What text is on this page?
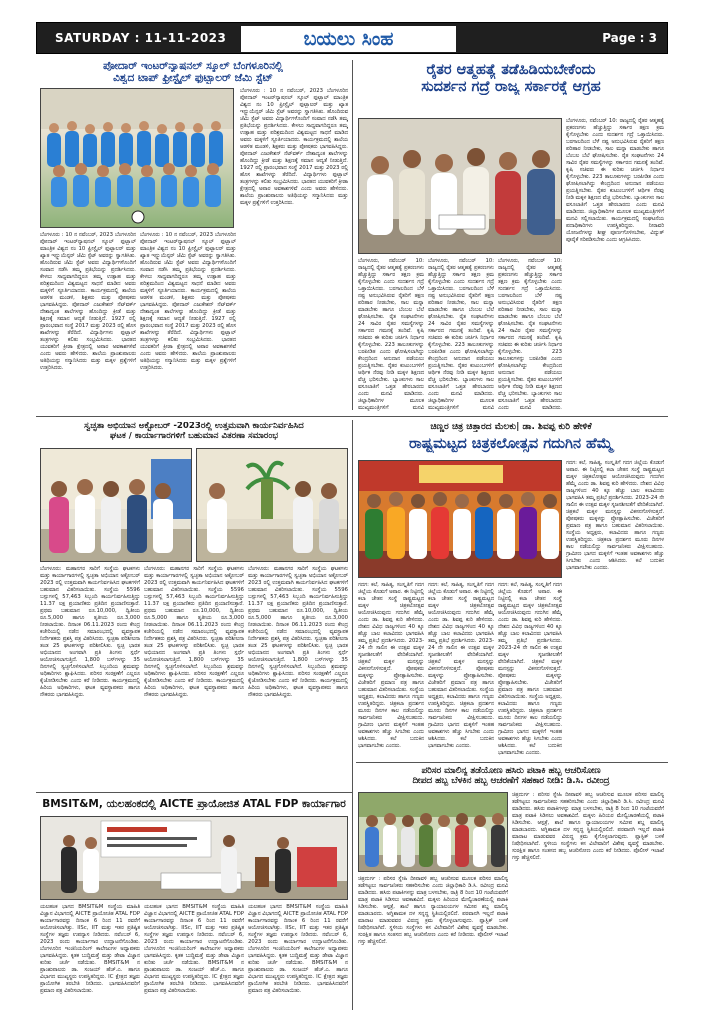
SATURDAY : 11-11-2023	ಬಯಲು ಸಿಂಹ	Page : 3
ಪೋದಾರ್ ಇಂಟರ್‌ನ್ಯಾಷನಲ್ ಸ್ಕೂಲ್ ಬೆಂಗಳೂರಿನಲ್ಲಿ
ವಿಶ್ವದ ಟಾಪ್ ಫ್ರೀಸ್ಟೈಲ್ ಫುಟ್ಬಾಲರ್ ಜೆಮಿ ಸ್ಟೆಟ್

ಬೆಂಗಳೂರು : 10 ನ ನವೆಂಬರ್, 2023 ಬೆಂಗಳೂರಿನ ಪೋದಾರ್ ಇಂಟರ್‌ನ್ಯಾಷನಲ್ ಸ್ಕೂಲ್ ಫುಟ್ಬಾಲ್ ಮಾಂತ್ರಿಕ ವಿಶ್ವದ ನಂ 10 ಫ್ರೀಸ್ಟೈಲ್ ಫುಟ್ಬಾಲರ್ ಮತ್ತು ಖ್ಯಾತ ಇನ್ಫ್ಲುಯೆನ್ಸರ್ ಜೆಮಿ ಸ್ಟೆಟ್ ಅವರನ್ನು ಸ್ವಾಗತಿಸಿತು. ಹೊಂದಿರುವ ಜೆಮಿ ಸ್ಟೆಟ್ ಅವರು ವಿದ್ಯಾರ್ಥಿಗಳೊಂದಿಗೆ ಸಂವಾದ ನಡೆಸಿ ತಮ್ಮ ಪ್ರತಿಭೆಯನ್ನು ಪ್ರದರ್ಶಿಸಿದರು. ಕೇಳಲು ಸಾಧ್ಯವಾಗದಿದ್ದರೂ ತಮ್ಮ ಉತ್ಸಾಹ ಮತ್ತು ಪರಿಶ್ರಮದಿಂದ ವಿಶ್ವಮಟ್ಟದ ಸಾಧನೆ ಮಾಡಿದ ಅವರು ಮಕ್ಕಳಿಗೆ ಸ್ಫೂರ್ತಿಯಾದರು. ಕಾರ್ಯಕ್ರಮದಲ್ಲಿ ಶಾಲೆಯ ಆಡಳಿತ ಮಂಡಳಿ, ಶಿಕ್ಷಕರು ಮತ್ತು ಪೋಷಕರು ಭಾಗವಹಿಸಿದ್ದರು. ಪೋದಾರ್ ಎಜುಕೇಶನ್ ನೆಟ್‌ವರ್ಕ್ ದೇಶಾದ್ಯಂತ ಶಾಲೆಗಳನ್ನು ಹೊಂದಿದ್ದು ಕ್ರೀಡೆ ಮತ್ತು ಶಿಕ್ಷಣಕ್ಕೆ ಸಮಾನ ಆದ್ಯತೆ ನೀಡುತ್ತಿದೆ. 1927 ರಲ್ಲಿ ಪ್ರಾರಂಭವಾದ ಸಂಸ್ಥೆ 2017 ಮತ್ತು 2023 ರಲ್ಲಿ ಹೊಸ ಶಾಖೆಗಳನ್ನು ತೆರೆದಿದೆ. ವಿದ್ಯಾರ್ಥಿಗಳು ಫುಟ್ಬಾಲ್ ತಂತ್ರಗಳನ್ನು ಕಲಿತು ಸಂಭ್ರಮಿಸಿದರು. ಭಾರತದ ಯುವಕರಿಗೆ ಕ್ರೀಡಾ ಕ್ಷೇತ್ರದಲ್ಲಿ ಅಪಾರ ಅವಕಾಶಗಳಿವೆ ಎಂದು ಅವರು ಹೇಳಿದರು. ಶಾಲೆಯ ಪ್ರಾಂಶುಪಾಲರು ಅತಿಥಿಯನ್ನು ಸನ್ಮಾನಿಸಿದರು ಮತ್ತು ಮಕ್ಕಳ ಪ್ರಶ್ನೆಗಳಿಗೆ ಉತ್ತರಿಸಿದರು.

ಬೆಂಗಳೂರು : 10 ನ ನವೆಂಬರ್, 2023 ಬೆಂಗಳೂರಿನ ಪೋದಾರ್ ಇಂಟರ್‌ನ್ಯಾಷನಲ್ ಸ್ಕೂಲ್ ಫುಟ್ಬಾಲ್ ಮಾಂತ್ರಿಕ ವಿಶ್ವದ ನಂ 10 ಫ್ರೀಸ್ಟೈಲ್ ಫುಟ್ಬಾಲರ್ ಮತ್ತು ಖ್ಯಾತ ಇನ್ಫ್ಲುಯೆನ್ಸರ್ ಜೆಮಿ ಸ್ಟೆಟ್ ಅವರನ್ನು ಸ್ವಾಗತಿಸಿತು. ಹೊಂದಿರುವ ಜೆಮಿ ಸ್ಟೆಟ್ ಅವರು ವಿದ್ಯಾರ್ಥಿಗಳೊಂದಿಗೆ ಸಂವಾದ ನಡೆಸಿ ತಮ್ಮ ಪ್ರತಿಭೆಯನ್ನು ಪ್ರದರ್ಶಿಸಿದರು. ಕೇಳಲು ಸಾಧ್ಯವಾಗದಿದ್ದರೂ ತಮ್ಮ ಉತ್ಸಾಹ ಮತ್ತು ಪರಿಶ್ರಮದಿಂದ ವಿಶ್ವಮಟ್ಟದ ಸಾಧನೆ ಮಾಡಿದ ಅವರು ಮಕ್ಕಳಿಗೆ ಸ್ಫೂರ್ತಿಯಾದರು. ಕಾರ್ಯಕ್ರಮದಲ್ಲಿ ಶಾಲೆಯ ಆಡಳಿತ ಮಂಡಳಿ, ಶಿಕ್ಷಕರು ಮತ್ತು ಪೋಷಕರು ಭಾಗವಹಿಸಿದ್ದರು. ಪೋದಾರ್ ಎಜುಕೇಶನ್ ನೆಟ್‌ವರ್ಕ್ ದೇಶಾದ್ಯಂತ ಶಾಲೆಗಳನ್ನು ಹೊಂದಿದ್ದು ಕ್ರೀಡೆ ಮತ್ತು ಶಿಕ್ಷಣಕ್ಕೆ ಸಮಾನ ಆದ್ಯತೆ ನೀಡುತ್ತಿದೆ. 1927 ರಲ್ಲಿ ಪ್ರಾರಂಭವಾದ ಸಂಸ್ಥೆ 2017 ಮತ್ತು 2023 ರಲ್ಲಿ ಹೊಸ ಶಾಖೆಗಳನ್ನು ತೆರೆದಿದೆ. ವಿದ್ಯಾರ್ಥಿಗಳು ಫುಟ್ಬಾಲ್ ತಂತ್ರಗಳನ್ನು ಕಲಿತು ಸಂಭ್ರಮಿಸಿದರು. ಭಾರತದ ಯುವಕರಿಗೆ ಕ್ರೀಡಾ ಕ್ಷೇತ್ರದಲ್ಲಿ ಅಪಾರ ಅವಕಾಶಗಳಿವೆ ಎಂದು ಅವರು ಹೇಳಿದರು. ಶಾಲೆಯ ಪ್ರಾಂಶುಪಾಲರು ಅತಿಥಿಯನ್ನು ಸನ್ಮಾನಿಸಿದರು ಮತ್ತು ಮಕ್ಕಳ ಪ್ರಶ್ನೆಗಳಿಗೆ ಉತ್ತರಿಸಿದರು.

ಬೆಂಗಳೂರು : 10 ನ ನವೆಂಬರ್, 2023 ಬೆಂಗಳೂರಿನ ಪೋದಾರ್ ಇಂಟರ್‌ನ್ಯಾಷನಲ್ ಸ್ಕೂಲ್ ಫುಟ್ಬಾಲ್ ಮಾಂತ್ರಿಕ ವಿಶ್ವದ ನಂ 10 ಫ್ರೀಸ್ಟೈಲ್ ಫುಟ್ಬಾಲರ್ ಮತ್ತು ಖ್ಯಾತ ಇನ್ಫ್ಲುಯೆನ್ಸರ್ ಜೆಮಿ ಸ್ಟೆಟ್ ಅವರನ್ನು ಸ್ವಾಗತಿಸಿತು. ಹೊಂದಿರುವ ಜೆಮಿ ಸ್ಟೆಟ್ ಅವರು ವಿದ್ಯಾರ್ಥಿಗಳೊಂದಿಗೆ ಸಂವಾದ ನಡೆಸಿ ತಮ್ಮ ಪ್ರತಿಭೆಯನ್ನು ಪ್ರದರ್ಶಿಸಿದರು. ಕೇಳಲು ಸಾಧ್ಯವಾಗದಿದ್ದರೂ ತಮ್ಮ ಉತ್ಸಾಹ ಮತ್ತು ಪರಿಶ್ರಮದಿಂದ ವಿಶ್ವಮಟ್ಟದ ಸಾಧನೆ ಮಾಡಿದ ಅವರು ಮಕ್ಕಳಿಗೆ ಸ್ಫೂರ್ತಿಯಾದರು. ಕಾರ್ಯಕ್ರಮದಲ್ಲಿ ಶಾಲೆಯ ಆಡಳಿತ ಮಂಡಳಿ, ಶಿಕ್ಷಕರು ಮತ್ತು ಪೋಷಕರು ಭಾಗವಹಿಸಿದ್ದರು. ಪೋದಾರ್ ಎಜುಕೇಶನ್ ನೆಟ್‌ವರ್ಕ್ ದೇಶಾದ್ಯಂತ ಶಾಲೆಗಳನ್ನು ಹೊಂದಿದ್ದು ಕ್ರೀಡೆ ಮತ್ತು ಶಿಕ್ಷಣಕ್ಕೆ ಸಮಾನ ಆದ್ಯತೆ ನೀಡುತ್ತಿದೆ. 1927 ರಲ್ಲಿ ಪ್ರಾರಂಭವಾದ ಸಂಸ್ಥೆ 2017 ಮತ್ತು 2023 ರಲ್ಲಿ ಹೊಸ ಶಾಖೆಗಳನ್ನು ತೆರೆದಿದೆ. ವಿದ್ಯಾರ್ಥಿಗಳು ಫುಟ್ಬಾಲ್ ತಂತ್ರಗಳನ್ನು ಕಲಿತು ಸಂಭ್ರಮಿಸಿದರು. ಭಾರತದ ಯುವಕರಿಗೆ ಕ್ರೀಡಾ ಕ್ಷೇತ್ರದಲ್ಲಿ ಅಪಾರ ಅವಕಾಶಗಳಿವೆ ಎಂದು ಅವರು ಹೇಳಿದರು. ಶಾಲೆಯ ಪ್ರಾಂಶುಪಾಲರು ಅತಿಥಿಯನ್ನು ಸನ್ಮಾನಿಸಿದರು ಮತ್ತು ಮಕ್ಕಳ ಪ್ರಶ್ನೆಗಳಿಗೆ ಉತ್ತರಿಸಿದರು.

ರೈತರ ಆತ್ಮಹತ್ಯೆ ತಡೆಹಿಡಿಯಬೇಕೆಂದು
ಸುದರ್ಶನ ಗದ್ರೆ ರಾಜ್ಯ ಸರ್ಕಾರಕ್ಕೆ ಆಗ್ರಹ

ಬೆಂಗಳೂರು, ನವೆಂಬರ್ 10: ರಾಜ್ಯದಲ್ಲಿ ರೈತರ ಆತ್ಮಹತ್ಯೆ ಪ್ರಕರಣಗಳು ಹೆಚ್ಚುತ್ತಿದ್ದು ಸರ್ಕಾರ ತಕ್ಷಣ ಕ್ರಮ ಕೈಗೊಳ್ಳಬೇಕು ಎಂದು ಸುದರ್ಶನ ಗದ್ರೆ ಒತ್ತಾಯಿಸಿದರು. ಬರಗಾಲದಿಂದ ಬೆಳೆ ನಷ್ಟ ಅನುಭವಿಸಿರುವ ರೈತರಿಗೆ ತಕ್ಷಣ ಪರಿಹಾರ ನೀಡಬೇಕು, ಸಾಲ ಮನ್ನಾ ಮಾಡಬೇಕು ಹಾಗೂ ಬೆಂಬಲ ಬೆಲೆ ಘೋಷಿಸಬೇಕು. ರೈತ ಸಂಘಟನೆಗಳು 24 ಸಾವಿರ ರೈತರ ಸಮಸ್ಯೆಗಳನ್ನು ಸರ್ಕಾರದ ಗಮನಕ್ಕೆ ತಂದಿವೆ. ಕೃಷಿ ಸಚಿವರು ಈ ಕುರಿತು ಚರ್ಚಿಸಿ ನಿರ್ಧಾರ ಕೈಗೊಳ್ಳಬೇಕು. 223 ತಾಲೂಕುಗಳನ್ನು ಬರಪೀಡಿತ ಎಂದು ಘೋಷಿಸಲಾಗಿದ್ದು ಕೇಂದ್ರದಿಂದ ಅನುದಾನ ಪಡೆಯಲು ಪ್ರಯತ್ನಿಸಬೇಕು. ರೈತರ ಕುಟುಂಬಗಳಿಗೆ ಆರ್ಥಿಕ ನೆರವು ನೀಡಿ ಮಕ್ಕಳ ಶಿಕ್ಷಣದ ವೆಚ್ಚ ಭರಿಸಬೇಕು. ಬ್ಯಾಂಕುಗಳು ಸಾಲ ವಸೂಲಾತಿಗೆ ಒತ್ತಡ ಹೇರಬಾರದು ಎಂದು ಮನವಿ ಮಾಡಿದರು. ಜಿಲ್ಲಾಧಿಕಾರಿಗಳ ಮೂಲಕ ಮುಖ್ಯಮಂತ್ರಿಗಳಿಗೆ ಮನವಿ ಸಲ್ಲಿಸಲಾಯಿತು. ಕಾರ್ಯಕ್ರಮದಲ್ಲಿ ಸಂಘಟನೆಯ ಪದಾಧಿಕಾರಿಗಳು ಉಪಸ್ಥಿತರಿದ್ದರು. ನೀರಾವರಿ ಯೋಜನೆಗಳನ್ನು ಶೀಘ್ರ ಪೂರ್ಣಗೊಳಿಸಬೇಕು, ವಿದ್ಯುತ್ ಪೂರೈಕೆ ಸರಿಪಡಿಸಬೇಕು ಎಂದು ಆಗ್ರಹಿಸಿದರು.

ಬೆಂಗಳೂರು, ನವೆಂಬರ್ 10: ರಾಜ್ಯದಲ್ಲಿ ರೈತರ ಆತ್ಮಹತ್ಯೆ ಪ್ರಕರಣಗಳು ಹೆಚ್ಚುತ್ತಿದ್ದು ಸರ್ಕಾರ ತಕ್ಷಣ ಕ್ರಮ ಕೈಗೊಳ್ಳಬೇಕು ಎಂದು ಸುದರ್ಶನ ಗದ್ರೆ ಒತ್ತಾಯಿಸಿದರು. ಬರಗಾಲದಿಂದ ಬೆಳೆ ನಷ್ಟ ಅನುಭವಿಸಿರುವ ರೈತರಿಗೆ ತಕ್ಷಣ ಪರಿಹಾರ ನೀಡಬೇಕು, ಸಾಲ ಮನ್ನಾ ಮಾಡಬೇಕು ಹಾಗೂ ಬೆಂಬಲ ಬೆಲೆ ಘೋಷಿಸಬೇಕು. ರೈತ ಸಂಘಟನೆಗಳು 24 ಸಾವಿರ ರೈತರ ಸಮಸ್ಯೆಗಳನ್ನು ಸರ್ಕಾರದ ಗಮನಕ್ಕೆ ತಂದಿವೆ. ಕೃಷಿ ಸಚಿವರು ಈ ಕುರಿತು ಚರ್ಚಿಸಿ ನಿರ್ಧಾರ ಕೈಗೊಳ್ಳಬೇಕು. 223 ತಾಲೂಕುಗಳನ್ನು ಬರಪೀಡಿತ ಎಂದು ಘೋಷಿಸಲಾಗಿದ್ದು ಕೇಂದ್ರದಿಂದ ಅನುದಾನ ಪಡೆಯಲು ಪ್ರಯತ್ನಿಸಬೇಕು. ರೈತರ ಕುಟುಂಬಗಳಿಗೆ ಆರ್ಥಿಕ ನೆರವು ನೀಡಿ ಮಕ್ಕಳ ಶಿಕ್ಷಣದ ವೆಚ್ಚ ಭರಿಸಬೇಕು. ಬ್ಯಾಂಕುಗಳು ಸಾಲ ವಸೂಲಾತಿಗೆ ಒತ್ತಡ ಹೇರಬಾರದು ಎಂದು ಮನವಿ ಮಾಡಿದರು. ಜಿಲ್ಲಾಧಿಕಾರಿಗಳ ಮೂಲಕ ಮುಖ್ಯಮಂತ್ರಿಗಳಿಗೆ ಮನವಿ

ಬೆಂಗಳೂರು, ನವೆಂಬರ್ 10: ರಾಜ್ಯದಲ್ಲಿ ರೈತರ ಆತ್ಮಹತ್ಯೆ ಪ್ರಕರಣಗಳು ಹೆಚ್ಚುತ್ತಿದ್ದು ಸರ್ಕಾರ ತಕ್ಷಣ ಕ್ರಮ ಕೈಗೊಳ್ಳಬೇಕು ಎಂದು ಸುದರ್ಶನ ಗದ್ರೆ ಒತ್ತಾಯಿಸಿದರು. ಬರಗಾಲದಿಂದ ಬೆಳೆ ನಷ್ಟ ಅನುಭವಿಸಿರುವ ರೈತರಿಗೆ ತಕ್ಷಣ ಪರಿಹಾರ ನೀಡಬೇಕು, ಸಾಲ ಮನ್ನಾ ಮಾಡಬೇಕು ಹಾಗೂ ಬೆಂಬಲ ಬೆಲೆ ಘೋಷಿಸಬೇಕು. ರೈತ ಸಂಘಟನೆಗಳು 24 ಸಾವಿರ ರೈತರ ಸಮಸ್ಯೆಗಳನ್ನು ಸರ್ಕಾರದ ಗಮನಕ್ಕೆ ತಂದಿವೆ. ಕೃಷಿ ಸಚಿವರು ಈ ಕುರಿತು ಚರ್ಚಿಸಿ ನಿರ್ಧಾರ ಕೈಗೊಳ್ಳಬೇಕು. 223 ತಾಲೂಕುಗಳನ್ನು ಬರಪೀಡಿತ ಎಂದು ಘೋಷಿಸಲಾಗಿದ್ದು ಕೇಂದ್ರದಿಂದ ಅನುದಾನ ಪಡೆಯಲು ಪ್ರಯತ್ನಿಸಬೇಕು. ರೈತರ ಕುಟುಂಬಗಳಿಗೆ ಆರ್ಥಿಕ ನೆರವು ನೀಡಿ ಮಕ್ಕಳ ಶಿಕ್ಷಣದ ವೆಚ್ಚ ಭರಿಸಬೇಕು. ಬ್ಯಾಂಕುಗಳು ಸಾಲ ವಸೂಲಾತಿಗೆ ಒತ್ತಡ ಹೇರಬಾರದು ಎಂದು ಮನವಿ ಮಾಡಿದರು. ಜಿಲ್ಲಾಧಿಕಾರಿಗಳ ಮೂಲಕ ಮುಖ್ಯಮಂತ್ರಿಗಳಿಗೆ ಮನವಿ

ಬೆಂಗಳೂರು, ನವೆಂಬರ್ 10: ರಾಜ್ಯದಲ್ಲಿ ರೈತರ ಆತ್ಮಹತ್ಯೆ ಪ್ರಕರಣಗಳು ಹೆಚ್ಚುತ್ತಿದ್ದು ಸರ್ಕಾರ ತಕ್ಷಣ ಕ್ರಮ ಕೈಗೊಳ್ಳಬೇಕು ಎಂದು ಸುದರ್ಶನ ಗದ್ರೆ ಒತ್ತಾಯಿಸಿದರು. ಬರಗಾಲದಿಂದ ಬೆಳೆ ನಷ್ಟ ಅನುಭವಿಸಿರುವ ರೈತರಿಗೆ ತಕ್ಷಣ ಪರಿಹಾರ ನೀಡಬೇಕು, ಸಾಲ ಮನ್ನಾ ಮಾಡಬೇಕು ಹಾಗೂ ಬೆಂಬಲ ಬೆಲೆ ಘೋಷಿಸಬೇಕು. ರೈತ ಸಂಘಟನೆಗಳು 24 ಸಾವಿರ ರೈತರ ಸಮಸ್ಯೆಗಳನ್ನು ಸರ್ಕಾರದ ಗಮನಕ್ಕೆ ತಂದಿವೆ. ಕೃಷಿ ಸಚಿವರು ಈ ಕುರಿತು ಚರ್ಚಿಸಿ ನಿರ್ಧಾರ ಕೈಗೊಳ್ಳಬೇಕು. 223 ತಾಲೂಕುಗಳನ್ನು ಬರಪೀಡಿತ ಎಂದು ಘೋಷಿಸಲಾಗಿದ್ದು ಕೇಂದ್ರದಿಂದ ಅನುದಾನ ಪಡೆಯಲು ಪ್ರಯತ್ನಿಸಬೇಕು. ರೈತರ ಕುಟುಂಬಗಳಿಗೆ ಆರ್ಥಿಕ ನೆರವು ನೀಡಿ ಮಕ್ಕಳ ಶಿಕ್ಷಣದ ವೆಚ್ಚ ಭರಿಸಬೇಕು. ಬ್ಯಾಂಕುಗಳು ಸಾಲ ವಸೂಲಾತಿಗೆ ಒತ್ತಡ ಹೇರಬಾರದು ಎಂದು ಮನವಿ ಮಾಡಿದರು.

ಸ್ವಚ್ಛತಾ ಅಭಿಯಾನ ಅಕ್ಟೋಬರ್ -2023ರಲ್ಲಿ ಉತ್ತಮವಾಗಿ ಕಾರ್ಯನಿರ್ವಹಿಸಿದ
ಘಟಕ / ಕಾರ್ಯಾಗಾರಗಳಿಗೆ ಬಹುಮಾನ ವಿತರಣಾ ಸಮಾರಂಭ

ಬೆಂಗಳೂರು: ಮಹಾನಗರ ಸಾರಿಗೆ ಸಂಸ್ಥೆಯ ಘಟಕಗಳು ಮತ್ತು ಕಾರ್ಯಾಗಾರಗಳಲ್ಲಿ ಸ್ವಚ್ಛತಾ ಅಭಿಯಾನ ಅಕ್ಟೋಬರ್ 2023 ರಲ್ಲಿ ಉತ್ತಮವಾಗಿ ಕಾರ್ಯನಿರ್ವಹಿಸಿದ ಘಟಕಗಳಿಗೆ ಬಹುಮಾನ ವಿತರಿಸಲಾಯಿತು. ಸಂಸ್ಥೆಯ 5596 ಬಸ್ಸುಗಳಲ್ಲಿ 57,463 ಸಿಬ್ಬಂದಿ ಕಾರ್ಯನಿರ್ವಹಿಸುತ್ತಿದ್ದು 11.37 ಲಕ್ಷ ಪ್ರಯಾಣಿಕರು ಪ್ರತಿದಿನ ಪ್ರಯಾಣಿಸುತ್ತಾರೆ. ಪ್ರಥಮ ಬಹುಮಾನ ರೂ.10,000, ದ್ವಿತೀಯ ರೂ.5,000 ಹಾಗೂ ತೃತೀಯ ರೂ.3,000 ನೀಡಲಾಯಿತು. ದಿನಾಂಕ 06.11.2023 ರಂದು ಕೇಂದ್ರ ಕಚೇರಿಯಲ್ಲಿ ನಡೆದ ಸಮಾರಂಭದಲ್ಲಿ ವ್ಯವಸ್ಥಾಪಕ ನಿರ್ದೇಶಕರು ಪ್ರಶಸ್ತಿ ಪತ್ರ ವಿತರಿಸಿದರು. ಸ್ವಚ್ಛತಾ ಪರಿಶೀಲನಾ ತಂಡ 25 ಘಟಕಗಳನ್ನು ಪರಿಶೀಲಿಸಿತು. ಸ್ವಚ್ಛ ಭಾರತ ಅಭಿಯಾನದ ಅಂಗವಾಗಿ ಪ್ರತಿ ತಿಂಗಳು ಸ್ಪರ್ಧೆ ಆಯೋಜಿಸಲಾಗುತ್ತಿದೆ. 1,800 ಬಸ್‌ಗಳನ್ನು 35 ದಿನಗಳಲ್ಲಿ ಸ್ವಚ್ಛಗೊಳಿಸಲಾಗಿದೆ. ಸಿಬ್ಬಂದಿಯ ಶ್ರಮವನ್ನು ಅಧಿಕಾರಿಗಳು ಶ್ಲಾಘಿಸಿದರು. ಪರಿಸರ ಸಂರಕ್ಷಣೆಗೆ ಎಲ್ಲರೂ ಕೈಜೋಡಿಸಬೇಕು ಎಂದು ಕರೆ ನೀಡಿದರು. ಕಾರ್ಯಕ್ರಮದಲ್ಲಿ ಹಿರಿಯ ಅಧಿಕಾರಿಗಳು, ಘಟಕ ವ್ಯವಸ್ಥಾಪಕರು ಹಾಗೂ ನೌಕರರು ಭಾಗವಹಿಸಿದ್ದರು.

ಬೆಂಗಳೂರು: ಮಹಾನಗರ ಸಾರಿಗೆ ಸಂಸ್ಥೆಯ ಘಟಕಗಳು ಮತ್ತು ಕಾರ್ಯಾಗಾರಗಳಲ್ಲಿ ಸ್ವಚ್ಛತಾ ಅಭಿಯಾನ ಅಕ್ಟೋಬರ್ 2023 ರಲ್ಲಿ ಉತ್ತಮವಾಗಿ ಕಾರ್ಯನಿರ್ವಹಿಸಿದ ಘಟಕಗಳಿಗೆ ಬಹುಮಾನ ವಿತರಿಸಲಾಯಿತು. ಸಂಸ್ಥೆಯ 5596 ಬಸ್ಸುಗಳಲ್ಲಿ 57,463 ಸಿಬ್ಬಂದಿ ಕಾರ್ಯನಿರ್ವಹಿಸುತ್ತಿದ್ದು 11.37 ಲಕ್ಷ ಪ್ರಯಾಣಿಕರು ಪ್ರತಿದಿನ ಪ್ರಯಾಣಿಸುತ್ತಾರೆ. ಪ್ರಥಮ ಬಹುಮಾನ ರೂ.10,000, ದ್ವಿತೀಯ ರೂ.5,000 ಹಾಗೂ ತೃತೀಯ ರೂ.3,000 ನೀಡಲಾಯಿತು. ದಿನಾಂಕ 06.11.2023 ರಂದು ಕೇಂದ್ರ ಕಚೇರಿಯಲ್ಲಿ ನಡೆದ ಸಮಾರಂಭದಲ್ಲಿ ವ್ಯವಸ್ಥಾಪಕ ನಿರ್ದೇಶಕರು ಪ್ರಶಸ್ತಿ ಪತ್ರ ವಿತರಿಸಿದರು. ಸ್ವಚ್ಛತಾ ಪರಿಶೀಲನಾ ತಂಡ 25 ಘಟಕಗಳನ್ನು ಪರಿಶೀಲಿಸಿತು. ಸ್ವಚ್ಛ ಭಾರತ ಅಭಿಯಾನದ ಅಂಗವಾಗಿ ಪ್ರತಿ ತಿಂಗಳು ಸ್ಪರ್ಧೆ ಆಯೋಜಿಸಲಾಗುತ್ತಿದೆ. 1,800 ಬಸ್‌ಗಳನ್ನು 35 ದಿನಗಳಲ್ಲಿ ಸ್ವಚ್ಛಗೊಳಿಸಲಾಗಿದೆ. ಸಿಬ್ಬಂದಿಯ ಶ್ರಮವನ್ನು ಅಧಿಕಾರಿಗಳು ಶ್ಲಾಘಿಸಿದರು. ಪರಿಸರ ಸಂರಕ್ಷಣೆಗೆ ಎಲ್ಲರೂ ಕೈಜೋಡಿಸಬೇಕು ಎಂದು ಕರೆ ನೀಡಿದರು. ಕಾರ್ಯಕ್ರಮದಲ್ಲಿ ಹಿರಿಯ ಅಧಿಕಾರಿಗಳು, ಘಟಕ ವ್ಯವಸ್ಥಾಪಕರು ಹಾಗೂ ನೌಕರರು ಭಾಗವಹಿಸಿದ್ದರು.

ಬೆಂಗಳೂರು: ಮಹಾನಗರ ಸಾರಿಗೆ ಸಂಸ್ಥೆಯ ಘಟಕಗಳು ಮತ್ತು ಕಾರ್ಯಾಗಾರಗಳಲ್ಲಿ ಸ್ವಚ್ಛತಾ ಅಭಿಯಾನ ಅಕ್ಟೋಬರ್ 2023 ರಲ್ಲಿ ಉತ್ತಮವಾಗಿ ಕಾರ್ಯನಿರ್ವಹಿಸಿದ ಘಟಕಗಳಿಗೆ ಬಹುಮಾನ ವಿತರಿಸಲಾಯಿತು. ಸಂಸ್ಥೆಯ 5596 ಬಸ್ಸುಗಳಲ್ಲಿ 57,463 ಸಿಬ್ಬಂದಿ ಕಾರ್ಯನಿರ್ವಹಿಸುತ್ತಿದ್ದು 11.37 ಲಕ್ಷ ಪ್ರಯಾಣಿಕರು ಪ್ರತಿದಿನ ಪ್ರಯಾಣಿಸುತ್ತಾರೆ. ಪ್ರಥಮ ಬಹುಮಾನ ರೂ.10,000, ದ್ವಿತೀಯ ರೂ.5,000 ಹಾಗೂ ತೃತೀಯ ರೂ.3,000 ನೀಡಲಾಯಿತು. ದಿನಾಂಕ 06.11.2023 ರಂದು ಕೇಂದ್ರ ಕಚೇರಿಯಲ್ಲಿ ನಡೆದ ಸಮಾರಂಭದಲ್ಲಿ ವ್ಯವಸ್ಥಾಪಕ ನಿರ್ದೇಶಕರು ಪ್ರಶಸ್ತಿ ಪತ್ರ ವಿತರಿಸಿದರು. ಸ್ವಚ್ಛತಾ ಪರಿಶೀಲನಾ ತಂಡ 25 ಘಟಕಗಳನ್ನು ಪರಿಶೀಲಿಸಿತು. ಸ್ವಚ್ಛ ಭಾರತ ಅಭಿಯಾನದ ಅಂಗವಾಗಿ ಪ್ರತಿ ತಿಂಗಳು ಸ್ಪರ್ಧೆ ಆಯೋಜಿಸಲಾಗುತ್ತಿದೆ. 1,800 ಬಸ್‌ಗಳನ್ನು 35 ದಿನಗಳಲ್ಲಿ ಸ್ವಚ್ಛಗೊಳಿಸಲಾಗಿದೆ. ಸಿಬ್ಬಂದಿಯ ಶ್ರಮವನ್ನು ಅಧಿಕಾರಿಗಳು ಶ್ಲಾಘಿಸಿದರು. ಪರಿಸರ ಸಂರಕ್ಷಣೆಗೆ ಎಲ್ಲರೂ ಕೈಜೋಡಿಸಬೇಕು ಎಂದು ಕರೆ ನೀಡಿದರು. ಕಾರ್ಯಕ್ರಮದಲ್ಲಿ ಹಿರಿಯ ಅಧಿಕಾರಿಗಳು, ಘಟಕ ವ್ಯವಸ್ಥಾಪಕರು ಹಾಗೂ ನೌಕರರು ಭಾಗವಹಿಸಿದ್ದರು.

ಚಿಣ್ಣರ ಚಿತ್ರ ಚಿತ್ತಾರದ ಮೆಲಕು| ಡಾ. ಶಿವಪ್ಪ ಕುರಿ ಹೇಳಿಕೆ
ರಾಷ್ಟ್ರಮಟ್ಟದ ಚಿತ್ರಕಲೋತ್ಸವ ಗದುಗಿನ ಹೆಮ್ಮೆ

ಗದಗ: ಕಲೆ, ಸಾಹಿತ್ಯ, ಸಂಸ್ಕೃತಿಗೆ ಗದಗ ಜಿಲ್ಲೆಯ ಕೊಡುಗೆ ಅಪಾರ. ಈ ನಿಟ್ಟಿನಲ್ಲಿ ಕಲಾ ಚೇತನ ಸಂಸ್ಥೆ ರಾಷ್ಟ್ರಮಟ್ಟದ ಮಕ್ಕಳ ಚಿತ್ರಕಲೋತ್ಸವ ಆಯೋಜಿಸಿರುವುದು ಗದುಗಿನ ಹೆಮ್ಮೆ ಎಂದು ಡಾ. ಶಿವಪ್ಪ ಕುರಿ ಹೇಳಿದರು. ದೇಶದ ವಿವಿಧ ರಾಜ್ಯಗಳಿಂದ 40 ಕ್ಕೂ ಹೆಚ್ಚು ಬಾಲ ಕಲಾವಿದರು ಭಾಗವಹಿಸಿ ತಮ್ಮ ಪ್ರತಿಭೆ ಪ್ರದರ್ಶಿಸಿದರು. 2023-24 ನೇ ಸಾಲಿನ ಈ ಉತ್ಸವ ಮಕ್ಕಳ ಸೃಜನಶೀಲತೆಗೆ ವೇದಿಕೆಯಾಗಿದೆ. ಚಿತ್ರಕಲೆ ಮಕ್ಕಳ ಮನಸ್ಸನ್ನು ವಿಕಸನಗೊಳಿಸುತ್ತದೆ. ಪೋಷಕರು ಮಕ್ಕಳನ್ನು ಪ್ರೋತ್ಸಾಹಿಸಬೇಕು. ವಿಜೇತರಿಗೆ ಪ್ರಮಾಣ ಪತ್ರ ಹಾಗೂ ಬಹುಮಾನ ವಿತರಿಸಲಾಯಿತು. ಸಂಸ್ಥೆಯ ಅಧ್ಯಕ್ಷರು, ಕಲಾವಿದರು ಹಾಗೂ ಗಣ್ಯರು ಉಪಸ್ಥಿತರಿದ್ದರು. ಚಿತ್ರಕಲಾ ಪ್ರದರ್ಶನ ಮೂರು ದಿನಗಳ ಕಾಲ ನಡೆಯಲಿದ್ದು ಸಾರ್ವಜನಿಕರು ವೀಕ್ಷಿಸಬಹುದು. ಗ್ರಾಮೀಣ ಭಾಗದ ಮಕ್ಕಳಿಗೆ ಇಂತಹ ಅವಕಾಶಗಳು ಹೆಚ್ಚು ಸಿಗಬೇಕು ಎಂದು ಆಶಿಸಿದರು. ಕಲೆ ಬದುಕಿನ ಭಾಗವಾಗಬೇಕು ಎಂದರು.

ಗದಗ: ಕಲೆ, ಸಾಹಿತ್ಯ, ಸಂಸ್ಕೃತಿಗೆ ಗದಗ ಜಿಲ್ಲೆಯ ಕೊಡುಗೆ ಅಪಾರ. ಈ ನಿಟ್ಟಿನಲ್ಲಿ ಕಲಾ ಚೇತನ ಸಂಸ್ಥೆ ರಾಷ್ಟ್ರಮಟ್ಟದ ಮಕ್ಕಳ ಚಿತ್ರಕಲೋತ್ಸವ ಆಯೋಜಿಸಿರುವುದು ಗದುಗಿನ ಹೆಮ್ಮೆ ಎಂದು ಡಾ. ಶಿವಪ್ಪ ಕುರಿ ಹೇಳಿದರು. ದೇಶದ ವಿವಿಧ ರಾಜ್ಯಗಳಿಂದ 40 ಕ್ಕೂ ಹೆಚ್ಚು ಬಾಲ ಕಲಾವಿದರು ಭಾಗವಹಿಸಿ ತಮ್ಮ ಪ್ರತಿಭೆ ಪ್ರದರ್ಶಿಸಿದರು. 2023-24 ನೇ ಸಾಲಿನ ಈ ಉತ್ಸವ ಮಕ್ಕಳ ಸೃಜನಶೀಲತೆಗೆ ವೇದಿಕೆಯಾಗಿದೆ. ಚಿತ್ರಕಲೆ ಮಕ್ಕಳ ಮನಸ್ಸನ್ನು ವಿಕಸನಗೊಳಿಸುತ್ತದೆ. ಪೋಷಕರು ಮಕ್ಕಳನ್ನು ಪ್ರೋತ್ಸಾಹಿಸಬೇಕು. ವಿಜೇತರಿಗೆ ಪ್ರಮಾಣ ಪತ್ರ ಹಾಗೂ ಬಹುಮಾನ ವಿತರಿಸಲಾಯಿತು. ಸಂಸ್ಥೆಯ ಅಧ್ಯಕ್ಷರು, ಕಲಾವಿದರು ಹಾಗೂ ಗಣ್ಯರು ಉಪಸ್ಥಿತರಿದ್ದರು. ಚಿತ್ರಕಲಾ ಪ್ರದರ್ಶನ ಮೂರು ದಿನಗಳ ಕಾಲ ನಡೆಯಲಿದ್ದು ಸಾರ್ವಜನಿಕರು ವೀಕ್ಷಿಸಬಹುದು. ಗ್ರಾಮೀಣ ಭಾಗದ ಮಕ್ಕಳಿಗೆ ಇಂತಹ ಅವಕಾಶಗಳು ಹೆಚ್ಚು ಸಿಗಬೇಕು ಎಂದು ಆಶಿಸಿದರು. ಕಲೆ ಬದುಕಿನ ಭಾಗವಾಗಬೇಕು ಎಂದರು.

ಗದಗ: ಕಲೆ, ಸಾಹಿತ್ಯ, ಸಂಸ್ಕೃತಿಗೆ ಗದಗ ಜಿಲ್ಲೆಯ ಕೊಡುಗೆ ಅಪಾರ. ಈ ನಿಟ್ಟಿನಲ್ಲಿ ಕಲಾ ಚೇತನ ಸಂಸ್ಥೆ ರಾಷ್ಟ್ರಮಟ್ಟದ ಮಕ್ಕಳ ಚಿತ್ರಕಲೋತ್ಸವ ಆಯೋಜಿಸಿರುವುದು ಗದುಗಿನ ಹೆಮ್ಮೆ ಎಂದು ಡಾ. ಶಿವಪ್ಪ ಕುರಿ ಹೇಳಿದರು. ದೇಶದ ವಿವಿಧ ರಾಜ್ಯಗಳಿಂದ 40 ಕ್ಕೂ ಹೆಚ್ಚು ಬಾಲ ಕಲಾವಿದರು ಭಾಗವಹಿಸಿ ತಮ್ಮ ಪ್ರತಿಭೆ ಪ್ರದರ್ಶಿಸಿದರು. 2023-24 ನೇ ಸಾಲಿನ ಈ ಉತ್ಸವ ಮಕ್ಕಳ ಸೃಜನಶೀಲತೆಗೆ ವೇದಿಕೆಯಾಗಿದೆ. ಚಿತ್ರಕಲೆ ಮಕ್ಕಳ ಮನಸ್ಸನ್ನು ವಿಕಸನಗೊಳಿಸುತ್ತದೆ. ಪೋಷಕರು ಮಕ್ಕಳನ್ನು ಪ್ರೋತ್ಸಾಹಿಸಬೇಕು. ವಿಜೇತರಿಗೆ ಪ್ರಮಾಣ ಪತ್ರ ಹಾಗೂ ಬಹುಮಾನ ವಿತರಿಸಲಾಯಿತು. ಸಂಸ್ಥೆಯ ಅಧ್ಯಕ್ಷರು, ಕಲಾವಿದರು ಹಾಗೂ ಗಣ್ಯರು ಉಪಸ್ಥಿತರಿದ್ದರು. ಚಿತ್ರಕಲಾ ಪ್ರದರ್ಶನ ಮೂರು ದಿನಗಳ ಕಾಲ ನಡೆಯಲಿದ್ದು ಸಾರ್ವಜನಿಕರು ವೀಕ್ಷಿಸಬಹುದು. ಗ್ರಾಮೀಣ ಭಾಗದ ಮಕ್ಕಳಿಗೆ ಇಂತಹ ಅವಕಾಶಗಳು ಹೆಚ್ಚು ಸಿಗಬೇಕು ಎಂದು ಆಶಿಸಿದರು. ಕಲೆ ಬದುಕಿನ ಭಾಗವಾಗಬೇಕು ಎಂದರು.

ಗದಗ: ಕಲೆ, ಸಾಹಿತ್ಯ, ಸಂಸ್ಕೃತಿಗೆ ಗದಗ ಜಿಲ್ಲೆಯ ಕೊಡುಗೆ ಅಪಾರ. ಈ ನಿಟ್ಟಿನಲ್ಲಿ ಕಲಾ ಚೇತನ ಸಂಸ್ಥೆ ರಾಷ್ಟ್ರಮಟ್ಟದ ಮಕ್ಕಳ ಚಿತ್ರಕಲೋತ್ಸವ ಆಯೋಜಿಸಿರುವುದು ಗದುಗಿನ ಹೆಮ್ಮೆ ಎಂದು ಡಾ. ಶಿವಪ್ಪ ಕುರಿ ಹೇಳಿದರು. ದೇಶದ ವಿವಿಧ ರಾಜ್ಯಗಳಿಂದ 40 ಕ್ಕೂ ಹೆಚ್ಚು ಬಾಲ ಕಲಾವಿದರು ಭಾಗವಹಿಸಿ ತಮ್ಮ ಪ್ರತಿಭೆ ಪ್ರದರ್ಶಿಸಿದರು. 2023-24 ನೇ ಸಾಲಿನ ಈ ಉತ್ಸವ ಮಕ್ಕಳ ಸೃಜನಶೀಲತೆಗೆ ವೇದಿಕೆಯಾಗಿದೆ. ಚಿತ್ರಕಲೆ ಮಕ್ಕಳ ಮನಸ್ಸನ್ನು ವಿಕಸನಗೊಳಿಸುತ್ತದೆ. ಪೋಷಕರು ಮಕ್ಕಳನ್ನು ಪ್ರೋತ್ಸಾಹಿಸಬೇಕು. ವಿಜೇತರಿಗೆ ಪ್ರಮಾಣ ಪತ್ರ ಹಾಗೂ ಬಹುಮಾನ ವಿತರಿಸಲಾಯಿತು. ಸಂಸ್ಥೆಯ ಅಧ್ಯಕ್ಷರು, ಕಲಾವಿದರು ಹಾಗೂ ಗಣ್ಯರು ಉಪಸ್ಥಿತರಿದ್ದರು. ಚಿತ್ರಕಲಾ ಪ್ರದರ್ಶನ ಮೂರು ದಿನಗಳ ಕಾಲ ನಡೆಯಲಿದ್ದು ಸಾರ್ವಜನಿಕರು ವೀಕ್ಷಿಸಬಹುದು. ಗ್ರಾಮೀಣ ಭಾಗದ ಮಕ್ಕಳಿಗೆ ಇಂತಹ ಅವಕಾಶಗಳು ಹೆಚ್ಚು ಸಿಗಬೇಕು ಎಂದು ಆಶಿಸಿದರು. ಕಲೆ ಬದುಕಿನ ಭಾಗವಾಗಬೇಕು ಎಂದರು.

BMSIT&M, ಯಲಹಂಕದಲ್ಲಿ AICTE ಪ್ರಾಯೋಜಿತ ATAL FDP ಕಾರ್ಯಾಗಾರ

ಯಲಹಂಕ ಭಾಗದ BMSIT&M ಸಂಸ್ಥೆಯ ಮಾಹಿತಿ ವಿಜ್ಞಾನ ವಿಭಾಗದಲ್ಲಿ AICTE ಪ್ರಾಯೋಜಿತ ATAL FDP ಕಾರ್ಯಾಗಾರವನ್ನು ದಿನಾಂಕ 6 ರಿಂದ 11 ರವರೆಗೆ ಆಯೋಜಿಸಲಾಗಿತ್ತು. IISc, IIT ಮತ್ತು ಇತರ ಪ್ರತಿಷ್ಠಿತ ಸಂಸ್ಥೆಗಳ ತಜ್ಞರು ಉಪನ್ಯಾಸ ನೀಡಿದರು. ನವೆಂಬರ್ 6, 2023 ರಂದು ಕಾರ್ಯಾಗಾರ ಉದ್ಘಾಟನೆಗೊಂಡಿತು. ಬೆಂಗಳೂರಿನ ಇಂಜಿನಿಯರಿಂಗ್ ಕಾಲೇಜುಗಳ ಅಧ್ಯಾಪಕರು ಭಾಗವಹಿಸಿದ್ದರು. ಕೃತಕ ಬುದ್ಧಿಮತ್ತೆ ಮತ್ತು ಡೇಟಾ ವಿಜ್ಞಾನ ಕುರಿತು ಚರ್ಚೆ ನಡೆಯಿತು. BMSIT&M ನ ಪ್ರಾಂಶುಪಾಲರು ಡಾ. ಸಂಜಯ್ ಹೆಚ್.ಎ. ಹಾಗೂ ವಿಭಾಗದ ಮುಖ್ಯಸ್ಥರು ಉಪಸ್ಥಿತರಿದ್ದರು. IC ಕ್ಷೇತ್ರದ ತಜ್ಞರು ಪ್ರಾಯೋಗಿಕ ತರಬೇತಿ ನೀಡಿದರು. ಭಾಗವಹಿಸಿದವರಿಗೆ ಪ್ರಮಾಣ ಪತ್ರ ವಿತರಿಸಲಾಯಿತು.

ಯಲಹಂಕ ಭಾಗದ BMSIT&M ಸಂಸ್ಥೆಯ ಮಾಹಿತಿ ವಿಜ್ಞಾನ ವಿಭಾಗದಲ್ಲಿ AICTE ಪ್ರಾಯೋಜಿತ ATAL FDP ಕಾರ್ಯಾಗಾರವನ್ನು ದಿನಾಂಕ 6 ರಿಂದ 11 ರವರೆಗೆ ಆಯೋಜಿಸಲಾಗಿತ್ತು. IISc, IIT ಮತ್ತು ಇತರ ಪ್ರತಿಷ್ಠಿತ ಸಂಸ್ಥೆಗಳ ತಜ್ಞರು ಉಪನ್ಯಾಸ ನೀಡಿದರು. ನವೆಂಬರ್ 6, 2023 ರಂದು ಕಾರ್ಯಾಗಾರ ಉದ್ಘಾಟನೆಗೊಂಡಿತು. ಬೆಂಗಳೂರಿನ ಇಂಜಿನಿಯರಿಂಗ್ ಕಾಲೇಜುಗಳ ಅಧ್ಯಾಪಕರು ಭಾಗವಹಿಸಿದ್ದರು. ಕೃತಕ ಬುದ್ಧಿಮತ್ತೆ ಮತ್ತು ಡೇಟಾ ವಿಜ್ಞಾನ ಕುರಿತು ಚರ್ಚೆ ನಡೆಯಿತು. BMSIT&M ನ ಪ್ರಾಂಶುಪಾಲರು ಡಾ. ಸಂಜಯ್ ಹೆಚ್.ಎ. ಹಾಗೂ ವಿಭಾಗದ ಮುಖ್ಯಸ್ಥರು ಉಪಸ್ಥಿತರಿದ್ದರು. IC ಕ್ಷೇತ್ರದ ತಜ್ಞರು ಪ್ರಾಯೋಗಿಕ ತರಬೇತಿ ನೀಡಿದರು. ಭಾಗವಹಿಸಿದವರಿಗೆ ಪ್ರಮಾಣ ಪತ್ರ ವಿತರಿಸಲಾಯಿತು.

ಯಲಹಂಕ ಭಾಗದ BMSIT&M ಸಂಸ್ಥೆಯ ಮಾಹಿತಿ ವಿಜ್ಞಾನ ವಿಭಾಗದಲ್ಲಿ AICTE ಪ್ರಾಯೋಜಿತ ATAL FDP ಕಾರ್ಯಾಗಾರವನ್ನು ದಿನಾಂಕ 6 ರಿಂದ 11 ರವರೆಗೆ ಆಯೋಜಿಸಲಾಗಿತ್ತು. IISc, IIT ಮತ್ತು ಇತರ ಪ್ರತಿಷ್ಠಿತ ಸಂಸ್ಥೆಗಳ ತಜ್ಞರು ಉಪನ್ಯಾಸ ನೀಡಿದರು. ನವೆಂಬರ್ 6, 2023 ರಂದು ಕಾರ್ಯಾಗಾರ ಉದ್ಘಾಟನೆಗೊಂಡಿತು. ಬೆಂಗಳೂರಿನ ಇಂಜಿನಿಯರಿಂಗ್ ಕಾಲೇಜುಗಳ ಅಧ್ಯಾಪಕರು ಭಾಗವಹಿಸಿದ್ದರು. ಕೃತಕ ಬುದ್ಧಿಮತ್ತೆ ಮತ್ತು ಡೇಟಾ ವಿಜ್ಞಾನ ಕುರಿತು ಚರ್ಚೆ ನಡೆಯಿತು. BMSIT&M ನ ಪ್ರಾಂಶುಪಾಲರು ಡಾ. ಸಂಜಯ್ ಹೆಚ್.ಎ. ಹಾಗೂ ವಿಭಾಗದ ಮುಖ್ಯಸ್ಥರು ಉಪಸ್ಥಿತರಿದ್ದರು. IC ಕ್ಷೇತ್ರದ ತಜ್ಞರು ಪ್ರಾಯೋಗಿಕ ತರಬೇತಿ ನೀಡಿದರು. ಭಾಗವಹಿಸಿದವರಿಗೆ ಪ್ರಮಾಣ ಪತ್ರ ವಿತರಿಸಲಾಯಿತು.

ಪರಿಸರ ಮಾಲಿನ್ಯ ತಡೆಯೋಣ ಹಸಿರು ಪಟಾಕಿ ಹಬ್ಬ ಆಚರಿಸೋಣ
ದೀಪದ ಹಬ್ಬ ಬೆಳಕಿನ ಹಬ್ಬ ಆಚರಣೆಗೆ ಸಹಕಾರ ನೀಡಿ: ಡಿ.ಸಿ. ರವೀಂದ್ರ

ಚಿತ್ರದುರ್ಗ : ಪರಿಸರ ಸ್ನೇಹಿ ದೀಪಾವಳಿ ಹಬ್ಬ ಆಚರಿಸುವ ಮೂಲಕ ಪರಿಸರ ಮಾಲಿನ್ಯ ತಡೆಗಟ್ಟಲು ಸಾರ್ವಜನಿಕರು ಸಹಕರಿಸಬೇಕು ಎಂದು ಜಿಲ್ಲಾಧಿಕಾರಿ ಡಿ.ಸಿ. ರವೀಂದ್ರ ಮನವಿ ಮಾಡಿದರು. ಹಸಿರು ಪಟಾಕಿಗಳನ್ನು ಮಾತ್ರ ಬಳಸಬೇಕು, ರಾತ್ರಿ 8 ರಿಂದ 10 ಗಂಟೆಯವರೆಗೆ ಮಾತ್ರ ಪಟಾಕಿ ಸಿಡಿಸಲು ಅವಕಾಶವಿದೆ. ಮಕ್ಕಳು ಹಿರಿಯರ ಮೇಲ್ವಿಚಾರಣೆಯಲ್ಲಿ ಪಟಾಕಿ ಸಿಡಿಸಬೇಕು. ಆಸ್ಪತ್ರೆ, ಶಾಲೆ ಹಾಗೂ ನ್ಯಾಯಾಲಯಗಳ ಸಮೀಪ ಶಬ್ದ ಮಾಲಿನ್ಯ ಮಾಡಬಾರದು. ಅಗ್ನಿಶಾಮಕ ದಳ ಸನ್ನದ್ಧ ಸ್ಥಿತಿಯಲ್ಲಿರಲಿದೆ. ಪರವಾನಗಿ ಇಲ್ಲದೆ ಪಟಾಕಿ ಮಾರಾಟ ಮಾಡುವವರ ವಿರುದ್ಧ ಕ್ರಮ ಕೈಗೊಳ್ಳಲಾಗುವುದು. ಪ್ಲಾಸ್ಟಿಕ್ ಬಳಕೆ ನಿಷೇಧಿಸಲಾಗಿದೆ. ಸ್ಥಳೀಯ ಸಂಸ್ಥೆಗಳು ಕಸ ವಿಲೇವಾರಿಗೆ ವಿಶೇಷ ವ್ಯವಸ್ಥೆ ಮಾಡಬೇಕು. ಸುರಕ್ಷಿತ ಹಾಗೂ ಸಂತಸದ ಹಬ್ಬ ಆಚರಿಸೋಣ ಎಂದು ಕರೆ ನೀಡಿದರು. ಪೊಲೀಸ್ ಇಲಾಖೆ ಗಸ್ತು ಹೆಚ್ಚಿಸಲಿದೆ.

ಚಿತ್ರದುರ್ಗ : ಪರಿಸರ ಸ್ನೇಹಿ ದೀಪಾವಳಿ ಹಬ್ಬ ಆಚರಿಸುವ ಮೂಲಕ ಪರಿಸರ ಮಾಲಿನ್ಯ ತಡೆಗಟ್ಟಲು ಸಾರ್ವಜನಿಕರು ಸಹಕರಿಸಬೇಕು ಎಂದು ಜಿಲ್ಲಾಧಿಕಾರಿ ಡಿ.ಸಿ. ರವೀಂದ್ರ ಮನವಿ ಮಾಡಿದರು. ಹಸಿರು ಪಟಾಕಿಗಳನ್ನು ಮಾತ್ರ ಬಳಸಬೇಕು, ರಾತ್ರಿ 8 ರಿಂದ 10 ಗಂಟೆಯವರೆಗೆ ಮಾತ್ರ ಪಟಾಕಿ ಸಿಡಿಸಲು ಅವಕಾಶವಿದೆ. ಮಕ್ಕಳು ಹಿರಿಯರ ಮೇಲ್ವಿಚಾರಣೆಯಲ್ಲಿ ಪಟಾಕಿ ಸಿಡಿಸಬೇಕು. ಆಸ್ಪತ್ರೆ, ಶಾಲೆ ಹಾಗೂ ನ್ಯಾಯಾಲಯಗಳ ಸಮೀಪ ಶಬ್ದ ಮಾಲಿನ್ಯ ಮಾಡಬಾರದು. ಅಗ್ನಿಶಾಮಕ ದಳ ಸನ್ನದ್ಧ ಸ್ಥಿತಿಯಲ್ಲಿರಲಿದೆ. ಪರವಾನಗಿ ಇಲ್ಲದೆ ಪಟಾಕಿ ಮಾರಾಟ ಮಾಡುವವರ ವಿರುದ್ಧ ಕ್ರಮ ಕೈಗೊಳ್ಳಲಾಗುವುದು. ಪ್ಲಾಸ್ಟಿಕ್ ಬಳಕೆ ನಿಷೇಧಿಸಲಾಗಿದೆ. ಸ್ಥಳೀಯ ಸಂಸ್ಥೆಗಳು ಕಸ ವಿಲೇವಾರಿಗೆ ವಿಶೇಷ ವ್ಯವಸ್ಥೆ ಮಾಡಬೇಕು. ಸುರಕ್ಷಿತ ಹಾಗೂ ಸಂತಸದ ಹಬ್ಬ ಆಚರಿಸೋಣ ಎಂದು ಕರೆ ನೀಡಿದರು. ಪೊಲೀಸ್ ಇಲಾಖೆ ಗಸ್ತು ಹೆಚ್ಚಿಸಲಿದೆ.
